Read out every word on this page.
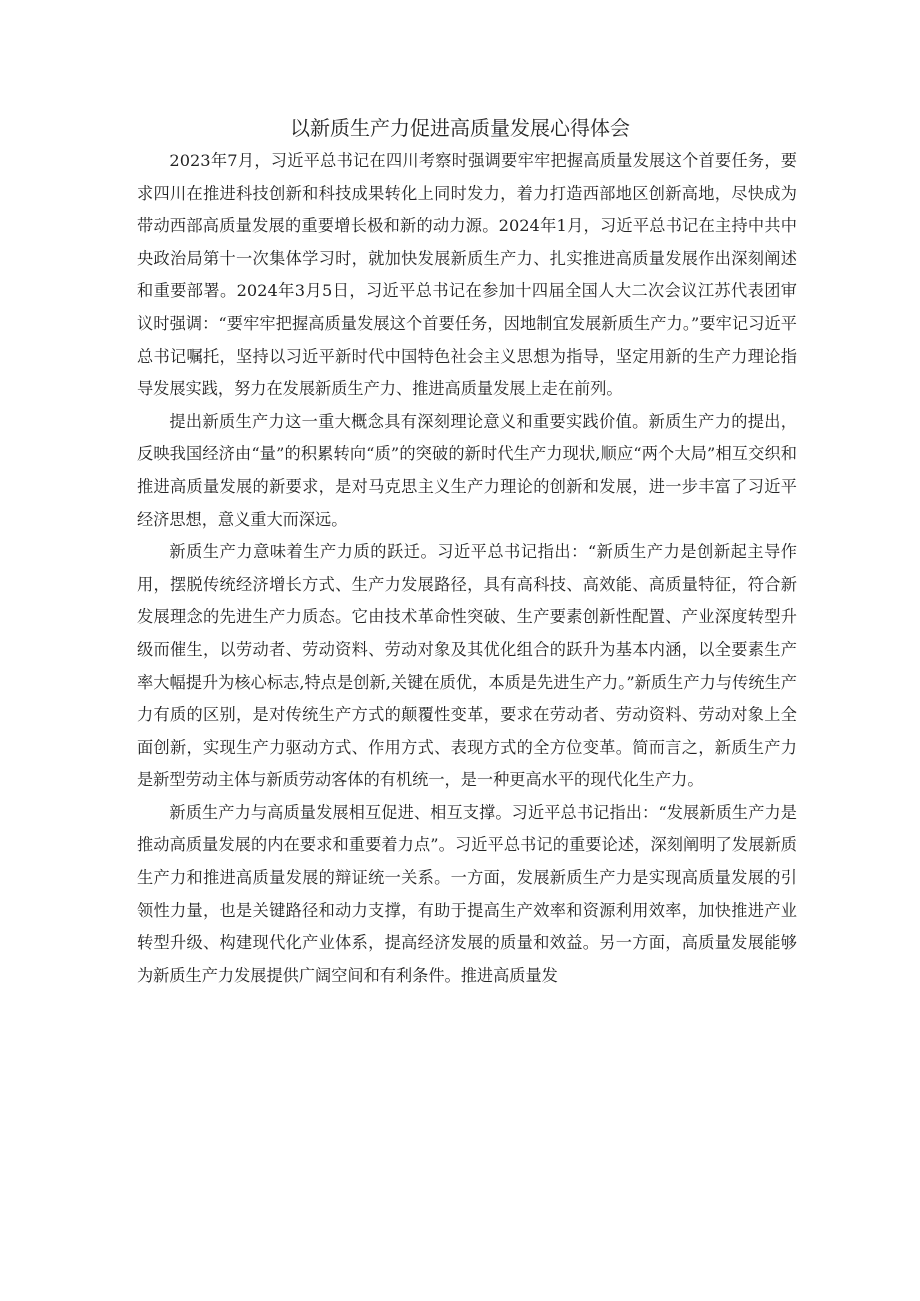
以新质生产力促进高质量发展心得体会

2023年7月，习近平总书记在四川考察时强调要牢牢把握高质量发展这个首要任务，要求四川在推进科技创新和科技成果转化上同时发力，着力打造西部地区创新高地，尽快成为带动西部高质量发展的重要增长极和新的动力源。2024年1月，习近平总书记在主持中共中央政治局第十一次集体学习时，就加快发展新质生产力、扎实推进高质量发展作出深刻阐述和重要部署。2024年3月5日，习近平总书记在参加十四届全国人大二次会议江苏代表团审议时强调：“要牢牢把握高质量发展这个首要任务，因地制宜发展新质生产力。”要牢记习近平总书记嘱托，坚持以习近平新时代中国特色社会主义思想为指导，坚定用新的生产力理论指导发展实践，努力在发展新质生产力、推进高质量发展上走在前列。

提出新质生产力这一重大概念具有深刻理论意义和重要实践价值。新质生产力的提出，反映我国经济由“量”的积累转向“质”的突破的新时代生产力现状,顺应“两个大局”相互交织和推进高质量发展的新要求，是对马克思主义生产力理论的创新和发展，进一步丰富了习近平经济思想，意义重大而深远。

新质生产力意味着生产力质的跃迁。习近平总书记指出：“新质生产力是创新起主导作用，摆脱传统经济增长方式、生产力发展路径，具有高科技、高效能、高质量特征，符合新发展理念的先进生产力质态。它由技术革命性突破、生产要素创新性配置、产业深度转型升级而催生，以劳动者、劳动资料、劳动对象及其优化组合的跃升为基本内涵，以全要素生产率大幅提升为核心标志,特点是创新,关键在质优，本质是先进生产力。”新质生产力与传统生产力有质的区别，是对传统生产方式的颠覆性变革，要求在劳动者、劳动资料、劳动对象上全面创新，实现生产力驱动方式、作用方式、表现方式的全方位变革。简而言之，新质生产力是新型劳动主体与新质劳动客体的有机统一，是一种更高水平的现代化生产力。

新质生产力与高质量发展相互促进、相互支撑。习近平总书记指出：“发展新质生产力是推动高质量发展的内在要求和重要着力点”。习近平总书记的重要论述，深刻阐明了发展新质生产力和推进高质量发展的辩证统一关系。一方面，发展新质生产力是实现高质量发展的引领性力量，也是关键路径和动力支撑，有助于提高生产效率和资源利用效率，加快推进产业转型升级、构建现代化产业体系，提高经济发展的质量和效益。另一方面，高质量发展能够为新质生产力发展提供广阔空间和有利条件。推进高质量发
